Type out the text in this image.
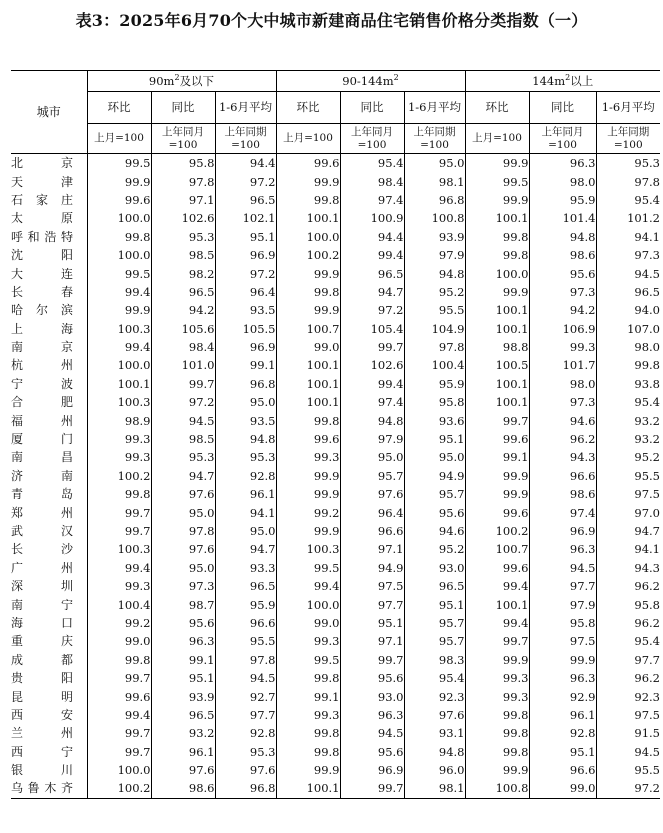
表3：2025年6月70个大中城市新建商品住宅销售价格分类指数（一）
城市	$90m^2$及以下			$90-144m^2$			$144m^2$以上		
	环比	同比	1-6月平均	环比	同比	1-6月平均	环比	同比	1-6月平均
	上月=100	上年同月=100	上年同期=100	上月=100	上年同月=100	上年同期=100	上月=100	上年同月=100	上年同期=100

北 京	99.5	95.8	94.4	99.6	95.4	95.0	99.9	96.3	95.3

天 津	99.9	97.8	97.2	99.9	98.4	98.1	99.5	98.0	97.8

石 家 庄	99.6	97.1	96.5	99.8	97.4	96.8	99.9	95.9	95.4

太 原	100.0	102.6	102.1	100.1	100.9	100.8	100.1	101.4	101.2

呼 和 浩 特	99.8	95.3	95.1	100.0	94.4	93.9	99.8	94.8	94.1

沈 阳	100.0	98.5	96.9	100.2	99.4	97.9	99.8	98.6	97.3

大 连	99.5	98.2	97.2	99.9	96.5	94.8	100.0	95.6	94.5

长 春	99.4	96.5	96.4	99.8	94.7	95.2	99.9	97.3	96.5

哈 尔 滨	99.9	94.2	93.5	99.9	97.2	95.5	100.1	94.2	94.0

上 海	100.3	105.6	105.5	100.7	105.4	104.9	100.1	106.9	107.0

南 京	99.4	98.4	96.9	99.0	99.7	97.8	98.8	99.3	98.0

杭 州	100.0	101.0	99.1	100.1	102.6	100.4	100.5	101.7	99.8

宁 波	100.1	99.7	96.8	100.1	99.4	95.9	100.1	98.0	93.8

合 肥	100.3	97.2	95.0	100.1	97.4	95.8	100.1	97.3	95.4

福 州	98.9	94.5	93.5	99.8	94.8	93.6	99.7	94.6	93.2

厦 门	99.3	98.5	94.8	99.6	97.9	95.1	99.6	96.2	93.2

南 昌	99.3	95.3	95.3	99.3	95.0	95.0	99.1	94.3	95.2

济 南	100.2	94.7	92.8	99.9	95.7	94.9	99.9	96.6	95.5

青 岛	99.8	97.6	96.1	99.9	97.6	95.7	99.9	98.6	97.5

郑 州	99.7	95.0	94.1	99.2	96.4	95.6	99.6	97.4	97.0

武 汉	99.7	97.8	95.0	99.9	96.6	94.6	100.2	96.9	94.7

长 沙	100.3	97.6	94.7	100.3	97.1	95.2	100.7	96.3	94.1

广 州	99.4	95.0	93.3	99.5	94.9	93.0	99.6	94.5	94.3

深 圳	99.3	97.3	96.5	99.4	97.5	96.5	99.4	97.7	96.2

南 宁	100.4	98.7	95.9	100.0	97.7	95.1	100.1	97.9	95.8

海 口	99.2	95.6	96.6	99.0	95.1	95.7	99.4	95.8	96.2

重 庆	99.0	96.3	95.5	99.3	97.1	95.7	99.7	97.5	95.4

成 都	99.8	99.1	97.8	99.5	99.7	98.3	99.9	99.9	97.7

贵 阳	99.7	95.1	94.5	99.8	95.6	95.4	99.3	96.3	96.2

昆 明	99.6	93.9	92.7	99.1	93.0	92.3	99.3	92.9	92.3

西 安	99.4	96.5	97.7	99.3	96.3	97.6	99.8	96.1	97.5

兰 州	99.7	93.2	92.8	99.8	94.5	93.1	99.8	92.8	91.5

西 宁	99.7	96.1	95.3	99.8	95.6	94.8	99.8	95.1	94.5

银 川	100.0	97.6	97.6	99.9	96.9	96.0	99.9	96.6	95.5

乌 鲁 木 齐	100.2	98.6	96.8	100.1	99.7	98.1	100.8	99.0	97.2
